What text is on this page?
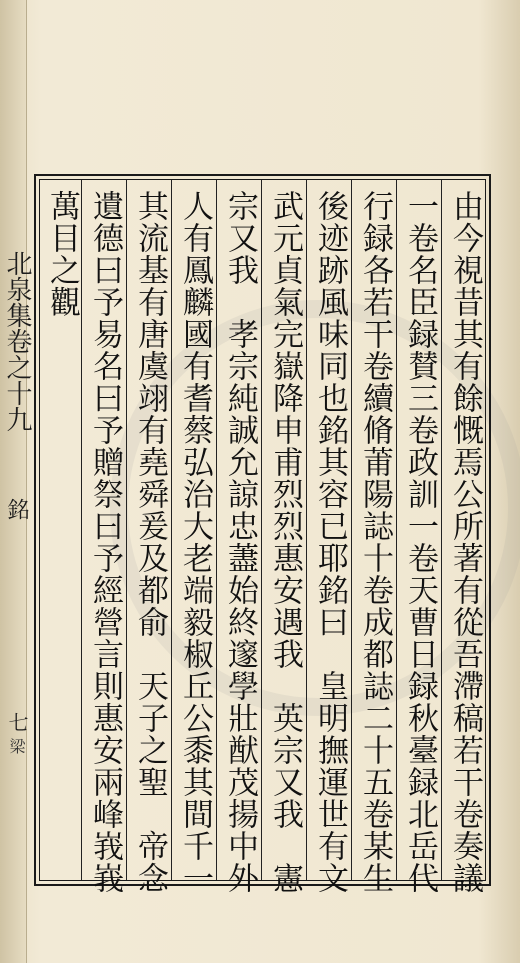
北泉集卷之十九
銘
七
梁	由今視昔其有餘慨焉公所著有從吾滯稿若干卷奏議
一卷名臣録賛三卷政訓一卷天曹日録秋臺録北岳代
行録各若干卷續脩莆陽誌十卷成都誌二十五卷某生
後迹跡風味同也銘其容已耶銘曰　皇明撫運世有文
武元貞氣完嶽降申甫烈烈惠安遇我　英宗又我　憲
宗又我　孝宗純誠允諒忠藎始終邃學壯猷茂揚中外
人有鳳麟國有耆蔡弘治大老端毅椒丘公黍其間千一
其流基有唐虞翊有堯舜爰及都俞　天子之聖　帝念
遺德曰予易名曰予贈祭曰予經營言則惠安兩峰峩峩
萬目之觀
